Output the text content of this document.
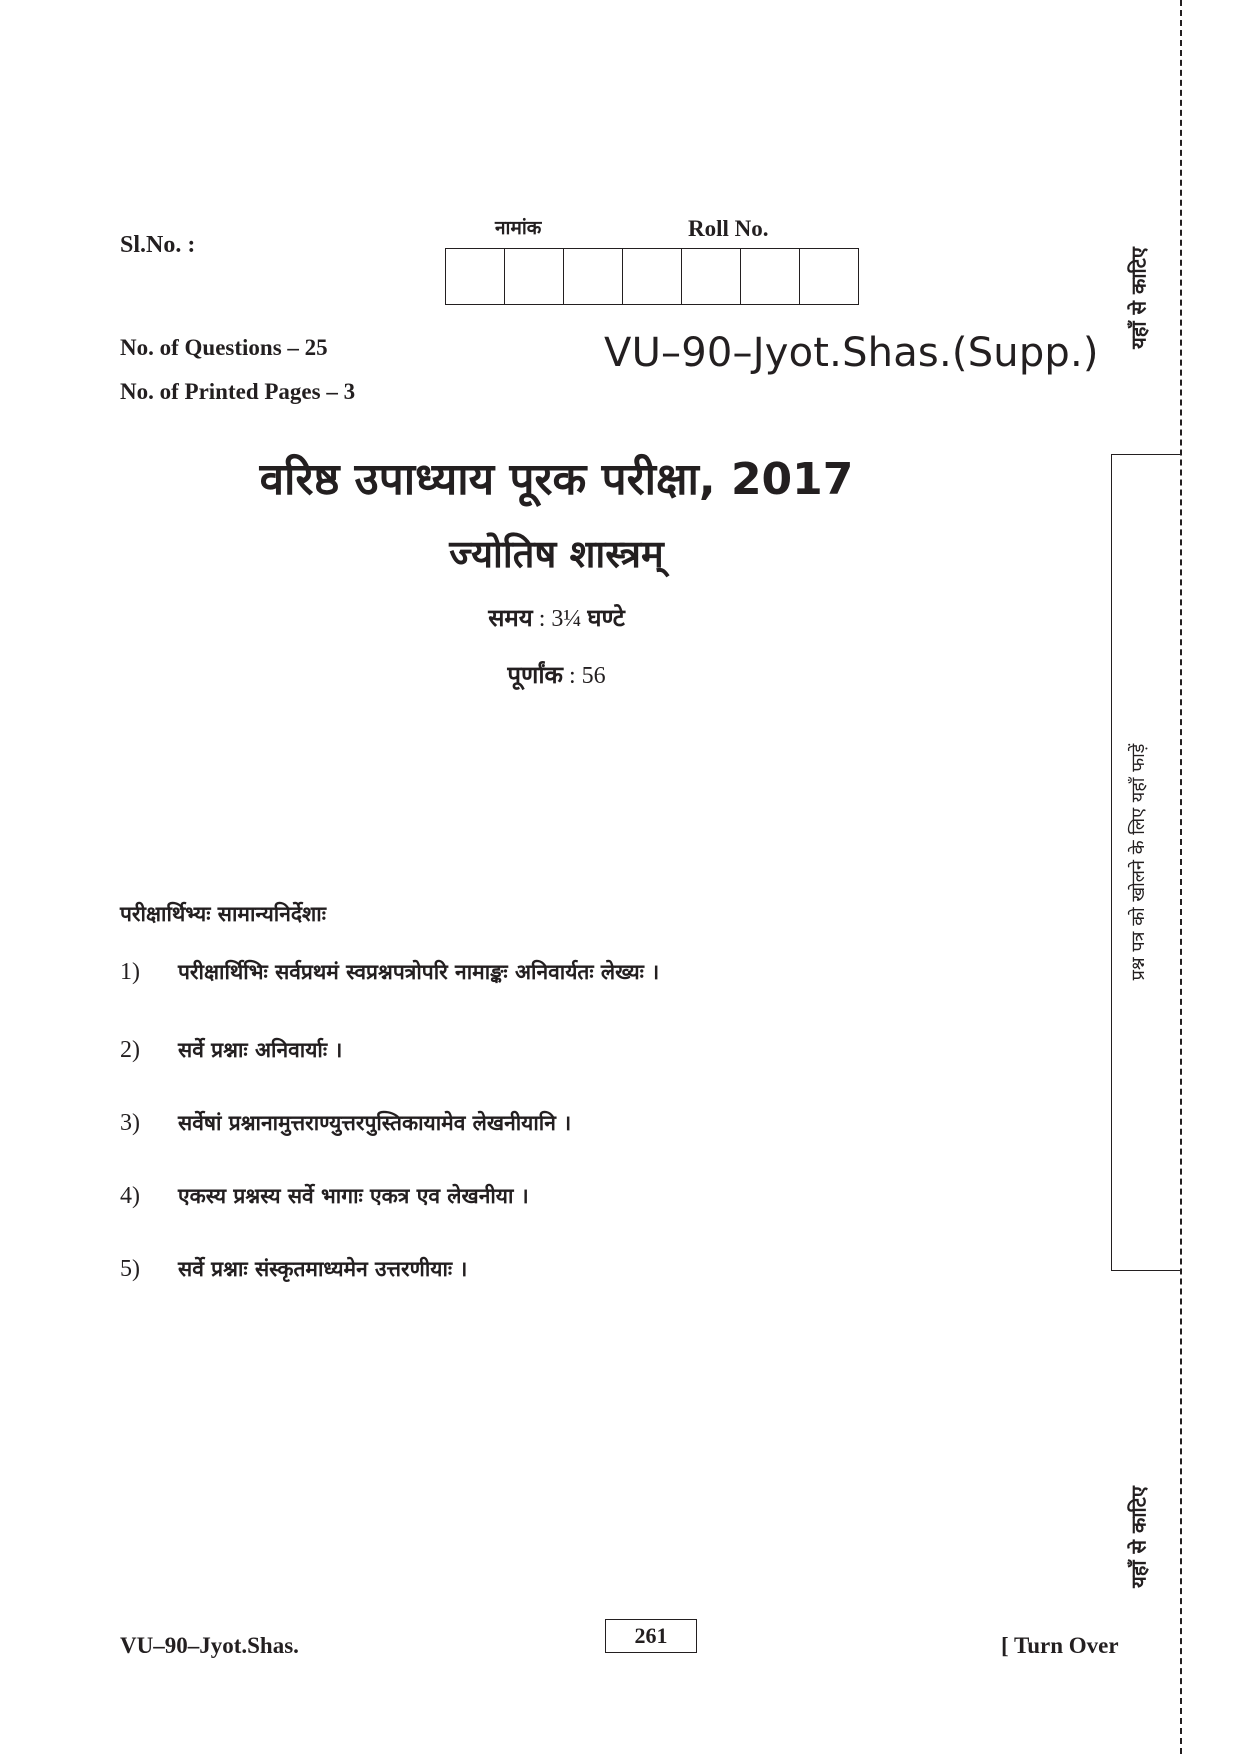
Sl.No. :
नामांक	Roll No.
No. of Questions – 25
No. of Printed Pages – 3
VU–90–Jyot.Shas.(Supp.)
वरिष्ठ उपाध्याय पूरक परीक्षा, 2017
ज्योतिष शास्त्रम्
समय : 3¼ घण्टे
पूर्णांक : 56
परीक्षार्थिभ्यः सामान्यनिर्देशाः
1)	परीक्षार्थिभिः सर्वप्रथमं स्वप्रश्नपत्रोपरि नामाङ्कः अनिवार्यतः लेख्यः ।
2)	सर्वे प्रश्नाः अनिवार्याः ।
3)	सर्वेषां प्रश्नानामुत्तराण्युत्तरपुस्तिकायामेव लेखनीयानि ।
4)	एकस्य प्रश्नस्य सर्वे भागाः एकत्र एव लेखनीया ।
5)	सर्वे प्रश्नाः संस्कृतमाध्यमेन उत्तरणीयाः ।
VU–90–Jyot.Shas.	261	[ Turn Over
यहाँ से काटिए
प्रश्न पत्र को खोलने के लिए यहाँ फाड़ें
यहाँ से काटिए
